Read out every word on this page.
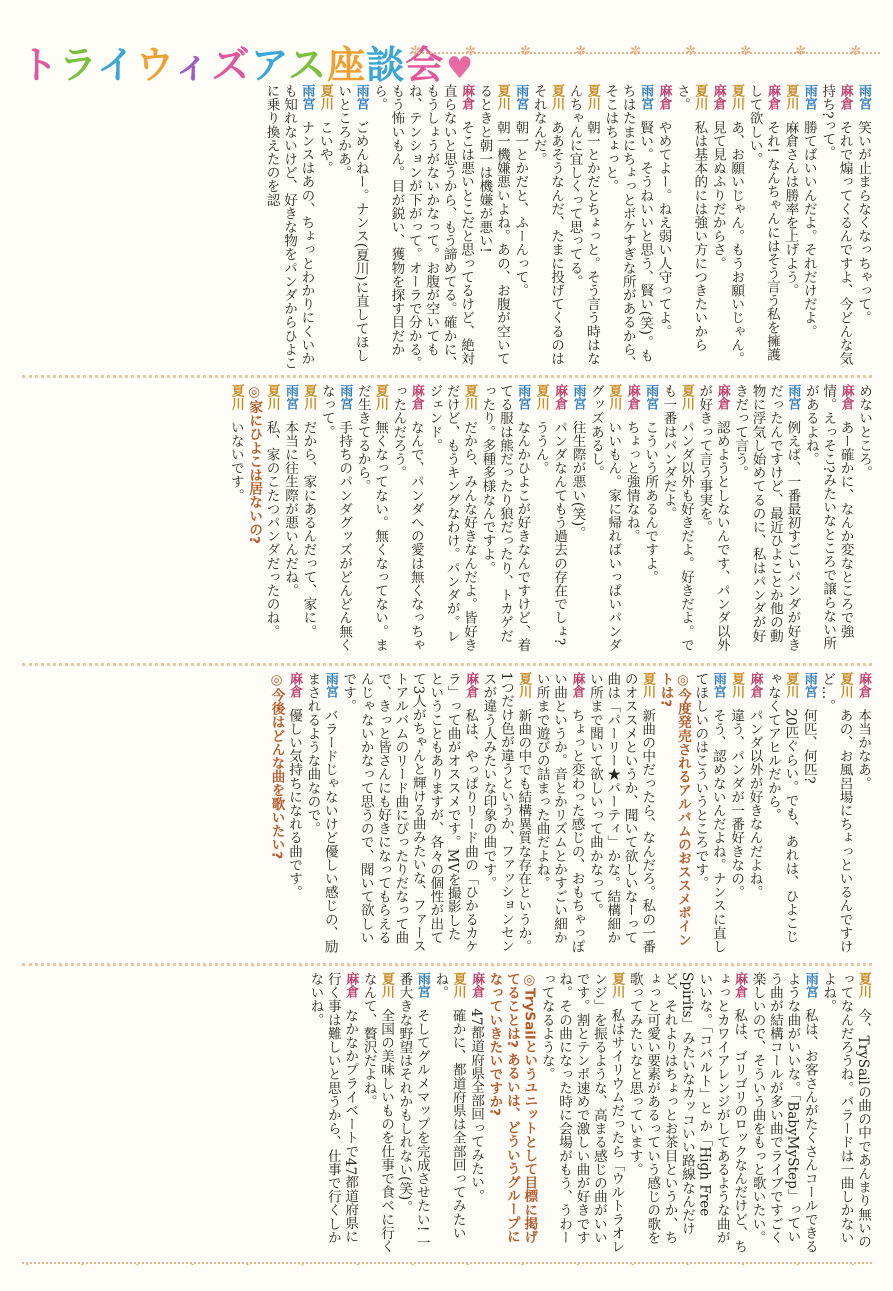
トライウィズアス座談会♥
✼ ✼ ✼ ✼ ✼ ✼ ✼ ✼ ✼ ✼ ✼ ✼ ✼
雨宮 笑いが止まらなくなっちゃって。
麻倉 それで煽ってくるんですよ、今どんな気持ち?って。
雨宮 勝てばいいんだよ。それだけだよ。
夏川 麻倉さんは勝率を上げよう。
麻倉 それ! なんちゃんにはそう言う私を擁護して欲しい。
夏川 あ、お願いじゃん。もうお願いじゃん。
麻倉 見て見ぬふりだからさ。
夏川 私は基本的には強い方につきたいからさ。
麻倉 やめてよー。ねえ弱い人守ってよ。
雨宮 賢い。そうねいいと思う、賢い(笑)。もちはたまにちょっとボケすぎな所があるから、そこはちょっと。
夏川 朝一とかだとちょっと。そう言う時はなんちゃんに宜しくって思ってる。
夏川 ああそうなんだ、たまに投げてくるのはそれなんだ。
雨宮 朝一とかだと、ふーんって。
夏川 朝一機嫌悪いよね。あの、お腹が空いてるときと朝一は機嫌が悪い!
麻倉 そこは悪いとこだと思ってるけど、絶対直らないと思うから、もう諦めてる。確かに、もうしょうがないかなって。お腹が空いてもね、テンションが下がって。オーラで分かる。もう怖いもん。目が鋭い、獲物を探す目だから。
雨宮 ごめんねー。ナンス(夏川)に直してほしいところかあ。
夏川 こいや。
雨宮 ナンスはあの、ちょっとわかりにくいかも知れないけど、好きな物をパンダからひよこに乗り換えたのを認
めないところ。
麻倉 あー確かに、なんか変なところで強情。えっそこ?みたいなところで譲らない所があるよね。
雨宮 例えば、一番最初すごいパンダが好きだったんですけど、最近ひよことか他の動物に浮気し始めてるのに、私はパンダが好きだって言う。
麻倉 認めようとしないんです、パンダ以外が好きって言う事実を。
夏川 パンダ以外も好きだよ。好きだよ。でも一番はパンダだよ。
雨宮 こういう所あるんですよ。
麻倉 ちょっと強情なね。
夏川 いいもん。家に帰ればいっぱいパンダグッズあるし。
雨宮 往生際が悪い(笑)。
麻倉 パンダなんてもう過去の存在でしょ?
夏川 ううん。
雨宮 なんかひよこが好きなんですけど、着てる服は熊だったり狼だったり、トカゲだったり。多種多様なんですよ。
夏川 だから、みんな好きなんだよ。皆好きだけど、もうキングなわけ。パンダが。レジェンド。
麻倉 なんで、パンダへの愛は無くなっちゃったんだろう。
夏川 無くなってない。無くなってない。まだ生きてるから。
雨宮 手持ちのパンダグッズがどんどん無くなって。
夏川 だから、家にあるんだって、家に。
雨宮 本当に往生際が悪いんだね。
夏川 私、家のこたつパンダだったのね。
◎家にひよこは居ないの?
夏川 いないです。
麻倉 本当かなあ。
夏川 あの、お風呂場にちょっといるんですけど…。
雨宮 何匹、何匹?
夏川 20匹ぐらい。でも、あれは、ひよこじゃなくてアヒルだから。
麻倉 パンダ以外が好きなんだよね。
夏川 違う、パンダが一番好きなの。
雨宮 そう、認めないんだよね。ナンスに直してほしいのはこういうところです。
◎今度発売されるアルバムのおススメポイントは?
夏川 新曲の中だったら、なんだろ。私の一番のオススメというか、聞いて欲しいなーって曲は「パーリー★パーティ」かな。結構細かい所まで聞いて欲しいって曲かなって。
麻倉 ちょっと変わった感じの、おもちゃっぽい曲というか。音とかリズムとかすごい細かい所まで遊びの詰まった曲だよね。
夏川 新曲の中でも結構異質な存在というか。1つだけ色が違うというか、ファッションセンスが違う人みたいな印象の曲です。
麻倉 私は、やっぱりリード曲の「ひかるカケラ」って曲がオススメです。MVを撮影したということもありますが、各々の個性が出てて3人がちゃんと輝ける曲みたいな、ファーストアルバムのリード曲にぴったりだなって曲で、きっと皆さんにも好きになってもらえるんじゃないかなって思うので、聞いて欲しいです。
雨宮 バラードじゃないけど優しい感じの、励まされるような曲なので。
麻倉 優しい気持ちになれる曲です。
◎今後はどんな曲を歌いたい?
夏川 今、TrySailの曲の中であんまり無いのってなんだろうね。バラードは一曲しかないよね。
雨宮 私は、お客さんがたくさんコールできるような曲がいいな。「BabyMyStep」っていう曲が結構コールが多い曲でライブですごく楽しいので、そういう曲をもっと歌いたい。
麻倉 私は、ゴリゴリのロックなんだけど、ちょっとカワイアレンジがしてあるような曲がいいな。「コバルト」と か「High Free Spirits」みたいなカッコいい路線なんだけど、それよりはちょっとお茶目というか、ちょっと可愛い要素があるっていう感じの歌を歌ってみたいなと思っています。
夏川 私はサイリウムだったら「ウルトラオレンジ」を振るような、高まる感じの曲がいいです。割とテンポ速めで激しい曲が好きですね。その曲になった時に会場がもう、うわーってなるような。
◎TrySailというユニットとして目標に掲げてることは? あるいは、どういうグループになっていきたいですか?
麻倉 47都道府県全部回ってみたい。
夏川 確かに、都道府県は全部回ってみたいね。
雨宮 そしてグルメマップを完成させたい! 一番大きな野望はそれかもしれない(笑)。
夏川 全国の美味しいものを仕事で食べに行くなんて、贅沢だよね。
麻倉 なかなかプライベートで47都道府県に行く事は難しいと思うから、仕事で行くしかないね。
✼ ✼ ✼ ✼ ✼ ✼ ✼ ✼ ✼ ✼ ✼ ✼ ✼ ✼ ✼ ✼ ✼ ✼ ✼ ✼ ✼ ✼ ✼
